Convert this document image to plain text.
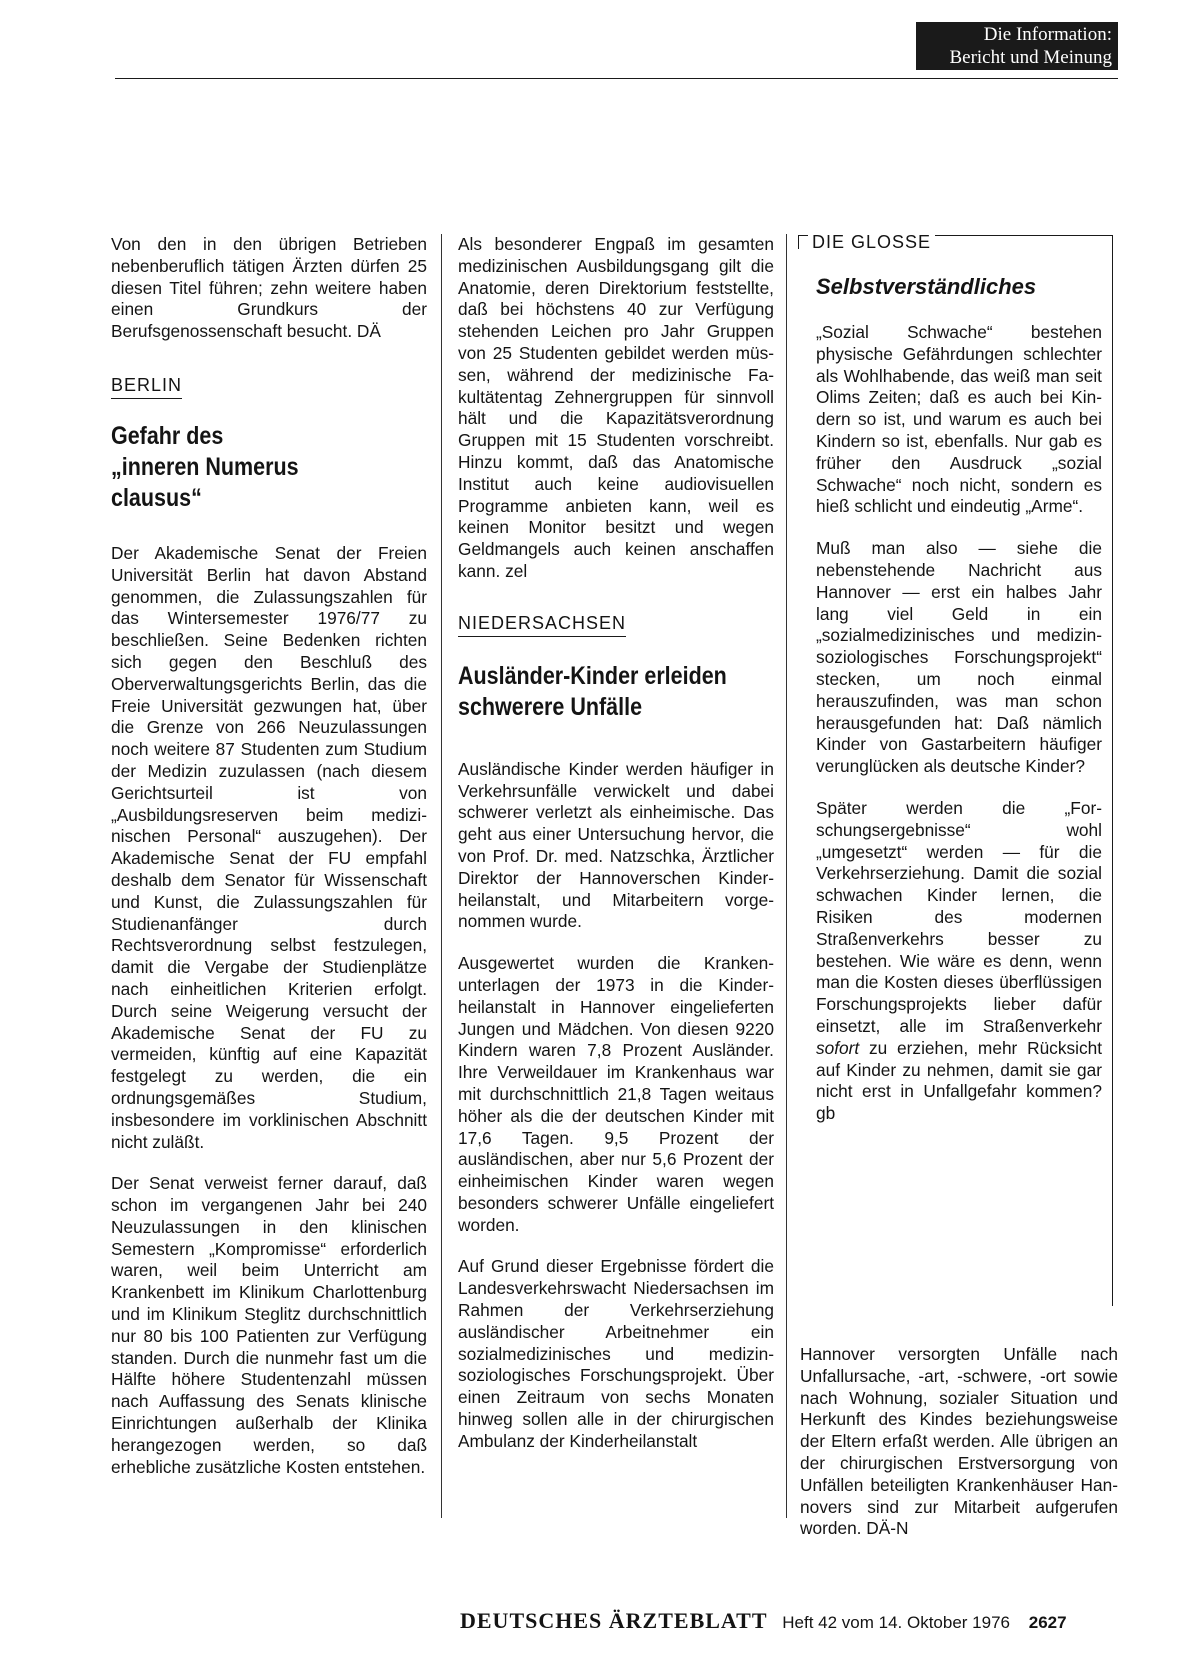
Die Information:
Bericht und Meinung

Von den in den übrigen Betrieben nebenberuflich tätigen Ärzten dürfen 25 diesen Titel führen; zehn weitere haben einen Grundkurs der Berufsgenossenschaft besucht. DÄ

BERLIN
Gefahr des
„inneren Numerus
clausus“

Der Akademische Senat der Freien Universität Berlin hat davon Abstand genommen, die Zulassungszahlen für das Wintersemester 1976/77 zu beschließen. Seine Bedenken richten sich gegen den Beschluß des Oberverwaltungsgerichts Berlin, das die Freie Universität gezwungen hat, über die Grenze von 266 Neuzulassungen noch weitere 87 Studenten zum Studium der Medizin zuzulassen (nach diesem Gerichtsurteil ist von „Ausbildungsreserven beim medizinischen Personal“ auszugehen). Der Akademische Senat der FU empfahl deshalb dem Senator für Wissenschaft und Kunst, die Zulassungszahlen für Studienanfänger durch Rechtsverordnung selbst festzulegen, damit die Vergabe der Studienplätze nach einheitlichen Kriterien erfolgt. Durch seine Weigerung versucht der Akademische Senat der FU zu vermeiden, künftig auf eine Kapazität festgelegt zu werden, die ein ordnungsgemäßes Studium, insbesondere im vorklinischen Abschnitt nicht zuläßt.

Der Senat verweist ferner darauf, daß schon im vergangenen Jahr bei 240 Neuzulassungen in den klinischen Semestern „Kompromisse“ erforderlich waren, weil beim Unterricht am Krankenbett im Klinikum Charlottenburg und im Klinikum Steglitz durchschnittlich nur 80 bis 100 Patienten zur Verfügung standen. Durch die nunmehr fast um die Hälfte höhere Studentenzahl müssen nach Auffassung des Senats klinische Einrichtungen außerhalb der Klinika herangezogen werden, so daß erhebliche zusätzliche Kosten entstehen.

Als besonderer Engpaß im gesamten medizinischen Ausbildungsgang gilt die Anatomie, deren Direktorium feststellte, daß bei höchstens 40 zur Verfügung stehenden Leichen pro Jahr Gruppen von 25 Studenten gebildet werden müssen, während der medizinische Fakultätentag Zehnergruppen für sinnvoll hält und die Kapazitätsverordnung Gruppen mit 15 Studenten vorschreibt. Hinzu kommt, daß das Anatomische Institut auch keine audiovisuellen Programme anbieten kann, weil es keinen Monitor besitzt und wegen Geldmangels auch keinen anschaffen kann. zel

NIEDERSACHSEN
Ausländer-Kinder erleiden
schwerere Unfälle

Ausländische Kinder werden häufiger in Verkehrsunfälle verwickelt und dabei schwerer verletzt als einheimische. Das geht aus einer Untersuchung hervor, die von Prof. Dr. med. Natzschka, Ärztlicher Direktor der Hannoverschen Kinderheilanstalt, und Mitarbeitern vorgenommen wurde.

Ausgewertet wurden die Krankenunterlagen der 1973 in die Kinderheilanstalt in Hannover eingelieferten Jungen und Mädchen. Von diesen 9220 Kindern waren 7,8 Prozent Ausländer. Ihre Verweildauer im Krankenhaus war mit durchschnittlich 21,8 Tagen weitaus höher als die der deutschen Kinder mit 17,6 Tagen. 9,5 Prozent der ausländischen, aber nur 5,6 Prozent der einheimischen Kinder waren wegen besonders schwerer Unfälle eingeliefert worden.

Auf Grund dieser Ergebnisse fördert die Landesverkehrswacht Niedersachsen im Rahmen der Verkehrserziehung ausländischer Arbeitnehmer ein sozialmedizinisches und medizin-soziologisches Forschungsprojekt. Über einen Zeitraum von sechs Monaten hinweg sollen alle in der chirurgischen Ambulanz der Kinderheilanstalt

DIE GLOSSE
Selbstverständliches

„Sozial Schwache“ bestehen physische Gefährdungen schlechter als Wohlhabende, das weiß man seit Olims Zeiten; daß es auch bei Kindern so ist, und warum es auch bei Kindern so ist, ebenfalls. Nur gab es früher den Ausdruck „sozial Schwache“ noch nicht, sondern es hieß schlicht und eindeutig „Arme“.

Muß man also — siehe die nebenstehende Nachricht aus Hannover — erst ein halbes Jahr lang viel Geld in ein „sozialmedizinisches und medizin-soziologisches Forschungsprojekt“ stecken, um noch einmal herauszufinden, was man schon herausgefunden hat: Daß nämlich Kinder von Gastarbeitern häufiger verunglücken als deutsche Kinder?

Später werden die „Forschungsergebnisse“ wohl „umgesetzt“ werden — für die Verkehrserziehung. Damit die sozial schwachen Kinder lernen, die Risiken des modernen Straßenverkehrs besser zu bestehen. Wie wäre es denn, wenn man die Kosten dieses überflüssigen Forschungsprojekts lieber dafür einsetzt, alle im Straßenverkehr sofort zu erziehen, mehr Rücksicht auf Kinder zu nehmen, damit sie gar nicht erst in Unfallgefahr kommen? gb

Hannover versorgten Unfälle nach Unfallursache, -art, -schwere, -ort sowie nach Wohnung, sozialer Situation und Herkunft des Kindes beziehungsweise der Eltern erfaßt werden. Alle übrigen an der chirurgischen Erstversorgung von Unfällen beteiligten Krankenhäuser Hannovers sind zur Mitarbeit aufgerufen worden. DÄ-N

DEUTSCHES ÄRZTEBLATT Heft 42 vom 14. Oktober 1976 2627
